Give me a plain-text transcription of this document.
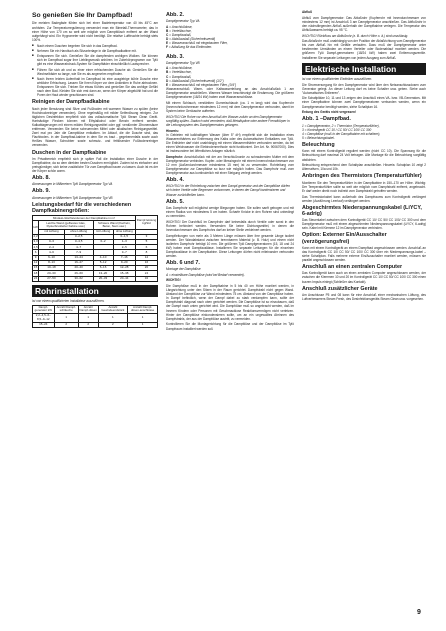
So genießen Sie Ihr Dampfbad!
Die meisten Badegäste fühlen sich bei einer Badetemperatur von 40 bis 45°C am wohlsten. Zur Temperaturregulierung verwendet man ein Bimetall-Thermometer, das in einer Höhe von 170 cm so weit wie möglich vom Dampfdüsch entfernt an der Wand aufgehängt wird. Ein Hygrometer wird nicht benötigt. Die relative Luftfeuchte beträgt stets 100%.
■ Nach einem Duschen begeben Sie sich in das Dampfbad.
■ Nehmen Sie ein Handtuch als Sitzunterlage in die Dampfbadkabine mit.
■ Entspannen Sie sich. Genießen Sie die dampfenden wohligen Wolken. Sie können sich im Dampfbad sogar Ihre Lieblingsmusik anhören. Im Zubehörprogramm von Tylö gibt es eine Wasserabdruck-System für Dampfbäder einschließlich Lautsprecher.
■ Führen Sie sich ab und zu einer einer erfrischenden Dusche ab. Genießen Sie die Wechselbäder so lange, wie Sie es als angenehm empfinden.
■ Nach Ihrem letzten Aufenthalt im Dampfbad ist eine ausgiebige kühle Dusche eine wirkliche Erfrischung. Lassen Sie Ihren Körper vor dem Ankleiden in Ruhe abtrocknen. Entspannen Sie sich. Trinken Sie etwas Kühles und genießen Sie das wohlige Gefühl nach dem Bad. Kleiden Sie sich erst dann an, wenn der Körper abgekühlt hat und die Poren der Haut wieder geschlossen sind.
Reinigen der Dampfbadkabine
Nach jeder Benutzung sind Sitze und Fußboden mit warmem Wasser zu spülen (keine Hochdruckreiniger verwenden). Ohne regelmäßig mit milder Seifenlösung reinigen. Zur täglichen Desinfektion empfiehlt sich das vollautomatische Tylö Steam Clean Gerät. Hartnäckige Flecken können mit Ethylalkohol oder Benzin entfernt werden. Kalkablagerungen mit einem milden Reinigungsmittel oder ggf. verdünnter Zitronensäure entfernen. Verwenden Sie keine scheuernden Mittel oder alkalischen Reinigungsmittel. Zwei mal pro Jahr die Dampfdüse entkalken. Im Ablauf, die die Dusche sind, das Flachboden- in der Dampfbad-kabine in dem Sie es baut - gegebenenfalls sowie auch Heißes Wasser, Schrubber sowie schmutz- und fettlösender Fußbodenreiniger verwenden.
Duschen in der Dampfkabine
Im Privatbereich empfiehlt sich je später Fall die Installation einer Dusche in der Dampfkabine, da so dem direkten besten Duschen ermöglicht. Zudem ist es einfacher und preisgünstiger, sich keine zusätzliche Tür zum Dampfbad bauen zu lassen. Auch ist es der der Körper schön warm.
Abb. 8.
Abmessungen in Millimetern Tylö Dampfgenerator Typ VA
Abb. 9.
Abmessungen in Millimetern Tylö Dampfgenerator Typ VB
Leistungsbedarf für die verschiedenen Dampfkabinengrößen:
Mindest-/Höchstvolumen der Dampfkabine in m³					Dampf-leistung kg/Std
kW	Leichte Wand (gefliestes Glas, Dysterbrustleher Kabine usw.)		Schwere Wand (Kacheln, Beton, Stein usw.)		
	mit Lüftung	ohne Lüftung	mit Lüftung	ohne Lüftung	
2,2		3–2,5		0–1,5	3
3,3	0–3	3–4,5	0–2	1–3	5
4,5	2–4	4–7		2–5	6
6	4–6	7–9		3–7	8
9	6–10	13–24	4–10	7–16	12
12	8–13	16–27	5–12	9–20	16
15	10–18	20–40	6–16	12–28	20
18	20–30	26–60	13–20	15–38	24
24	27–50	30–62	20–33	20–44	32
Rohrinstallation
Ist von einem qualifizierten Installateur auszuführen.
Dampf-generator kW	Anzahl Dampf-schläuche	Anzahl Dampf-düsen	Anzahl Gewindeendstück	Anzahl Dampf-düsen-anschlüsse
2,2–4,5–6–8,5–9–12	1	1	1	1
15–24	2	2	2	1
Abb. 2.
Dampfgenerator Typ VA
A = Anschlußdose,
B = Verteilbuchse,
C = Dampfauslaß,
D = Ablaßauslaß (Sicherheitsventil)
E = Wasseranschluß mit eingebautem Filter,
F = Ablaßung für das Elektroden.
Abb. 3.
Dampfgenerator Typ VB
A = Anschlußdose,
B = Verteilbuchse,
C = Dampfauslaß,
D = Ablaßauslaß (Sicherheitsventil) (1/2")
E = Wasseranschluß mit eingebautem Filter, (3/4")
Wasseranschluß: Warm- oder Kaltwasserleitung an das Anschlußstück 1 am Dampfgenerator anschließen. Warmes Wasser beschleunigt die Erwärmung. Die größeren Dampfgeneratoren (18/24 kW) haben zwei Wasseranschlüsse.
Mit einem Schlauch, verstärkten Gummischlauch (ca. 1 m lang) wird das Kupferrohr (Innenrohrdurchmesser mindestens 12 mm) mit dem Dampfgenerator verbunden, damit im System keine Geräusche auftreten.
WICHTIG! Die Rohre vor dem Anschluß der Wasser-zufuhr an den Dampfgenerator sorgfältig spülen. Dadurch wird vermieden, daß Metallspäne oder andere Fremdkörper in die Leitungssystem des Dampfgenerators gelangen.
Hinweis:
In Gebieten mit kalkhaltigem Wasser (über 5° dH) empfiehlt sich die Installation eines Wasserenthärters zur Entfernung des Kalks oder des Automatischen Entkalkers von Tylö. Die Enthärter darf nicht unabhängig mit einem Wasserenthärter verbunden werden, da bei einem Weichwasser die Elektrodenmethode nicht funktioniert. Der Art. Nr. 90067000). Dies ist insbesondere bei öffentlichen Anlagen nützlich.
Dampfrohr: Anschlußstück mit der am Verschlußnorde zu schraubenden Mutter mit dem Dampfgenerator verbinden. Kupfer- oder Messingrohr mit einem Innenrohrdurchmesser von 12 mm (Außendurchmesser mindestens 15 mm) ist zu verwenden. Rohrleitung vom Dampfgenerator zur Dampfdüse so kurz wie möglich halten. Das Dampfrohr muß vom Dampfgenerator aus kontinuierlich mit einer Steigung verlegt werden.
Abb. 4.
WICHTIG! In der Rohrleitung zwischen dem Dampf-generator und der Dampfdüse dürfen sich keine Ventile oder Begrenzer vorkommen, in denen der Dampf kondensieren und Wasser zurückfließen kann.
Abb. 5.
Das Dampfrohr soll möglichst wenige Biegungen haben. Sie sollen sanft gebogen und mit einem Radius von mindestens 5 cm haben. Scharfe Knicke in den Rohren sind unbedingt zu vermeiden.
WICHTIG! Der Durchfluß im Dampfrohr darf keinesfalls durch Ventile oder sonst in den Rohren behindert werden. Verwenden Sie keine Dichtungsmittel, in denen die Innendurchmesser des Dampfrohrs darf an keiner Stelle verkleinert werden.
Dampfleitungen von mehr als 3 Metern Länge müssen über ihre gesamte Länge isoliert werden. Der Wandabstand zwischen brennbarem Material (z. B. Holz) und einem nicht isolierten Dampfrohr beträgt 10 mm. Die größeren Tylö Dampfgeneratoren (15, 18 und 24 kW) haben zwei Dampfauslässe. Installieren Sie separate Leitungen für die einzelnen Dampfauslässe in der Dampfkabine. Diese Leitungen dürfen nicht miteinander verbunden werden.
Abb. 6 und 7.
Montage der Dampfdüse
A = einstellbare Dampfdüse (wird bei Bedarf verwendet).
WICHTIG!
Die Dampfdüse muß in der Dampfkabine in 5 bis 40 cm Höhe montiert werden, in Längsrichtung unter den Sitzen in der Raum gerichtet. Dampfstrahl nicht gegen Wand. Abstand der Dampfdüse zur Wand mindestens 75 cm. Abstand von der Dampfdüse haben. In Dampf befindlich, wenn der Dampf dabei zu stark verdampfen kann, sollte der Dampfstrahl diagonal nach oben gerichtet werden. Die Dampfdüse ist so einzubauen, daß der Dampf nach unten gerichtet wird. Die Dampfdüse muß so angebracht werden, daß im Inneren Kindern oder Personen mit Geschmacklose Reaktionsvermögen nicht verletzen. Hinter der Dampfdüse einkondensieren sollte, um an ein ungewolltes Abrinnen des Dampfstrahls, der aus der Dampfdüse austritt, zu vermeiden.
Kontrollieren Sie die Montagerichtung für die Dampfdüse und der Dampfdüse im Tylö Dampfraum installiert werden soll.
Abfluß
Abfluß vom Dampfgenerator: Das Ablaßrohr (Kupferrohr mit Innendurchmesser von mindestens 12 mm) ist Anschluß 3 am Dampfgenerator anschließen. Das Abflußrohr in den nächstliegenden Abfluß außerhalb der Dampfkabine verlegen. Die Temperatur des Abflußwassers beträgt ca. 95 °C.
WICHTIG! Rückfluss am Abflußrohr (z. B. durch Höhe o. ä.) sind unzulässig.
Das Ablaßrohr muß unabhängig von der Position der Ablaßrichtung vom Dampfgenerator bis zum Abfluß hin mit Gefälle verlaufen. Dazu muß der Dampfgenerator unter bestimmten Umständen an einem Verteiler oder Bodenablauf montiert werden. Die größeren Tylö Dampf-generatoren (18/24 kW) haben zwei Entleerungsventile. Installieren Sie separate Leitungen von jedem Ausgang zum Abfluß.
Elektrische Installation
Ist von einem qualifizierten Elektriker auszuführen.
Die Stromversorgung für den Dampfgenerator wird über den Netzanschlussdosen zum Generator gelegt. An dieser Leitung darf es keine Schalter usw. geben. Siehe auch "Automatisches Entleeren".
Die Schaltplätze 10, 11 und 13 zeigen den Anschluß eines VA- bzw. VB-Generators. Mit einer Dampfkabine können zwei Dampfgeneratoren verbunden werden, wenn ein Dampfgenerator benötigt werden, siehe Schaltplan 16.
Erdung des Geräts nicht vergessen!
Abb. 1 –Dampfbad.
1 = Dampfgenerator, 2 = Thermistor (Temperaturfühler),
3 = Kontrollgerät CC 10 / CC 50/ CC 100/ CC 300
4 = Dampfdüse (muß in der Dampfkabine mit schaltern),
5 = Beleuchtungskabel.
Beleuchtung
Kann mit einem Kontrollgerät reguliert werden (nicht CC 10). Die Spannung für die Beleuchtung darf maximal 24 Volt betragen. Alle Montage für die Beleuchtung sorgfältig abdichten.
Beleuchtung entsprechend dem Schaltplan anschließen. Hinweis: Schalplan 10 zeigt 2 Alternativen, 10a und 10b.
Anbringen des Thermistors (Temperaturfühler)
Montieren Sie den Temperaturfühler in der Dampfkabine in 150–170 cm Höhe. Wichtig: Der Temperaturfühler sollte so weit wie möglich vom Dampfstrahl entfernt, angebracht. Er darf weder direkt noch indirekt vom Dampfstrahl getroffen werden.
Das Thermistorkabel kann außerhalb des Dampfraums zum Kontrollgerät verlängert werden (Ausführung Leerlauf) verlängert werden.
Abgeschirmtes Niederspannungskabel (LiYCY, 6-adrig)
Das Steuerkabel zwischen dem Kontrollgerät CC 10/ CC 50/ CC 100/ CC 300 und dem Dampfgenerator muß mit einem abgeschirmten Niederspannungskabel (LiYCY, 6-adrig) sein. Kabel mit Klemme 12 im Dampfgenerator verbinden.
Option: Externer Ein/Ausschalter (verzögerungsfrei)
Kann mit einem Kontrollgerät an einem Dampfbad angeschlossen werden. Anschluß an das Kontrollgerät CC 10/ CC 50/ CC 100/ CC 300 über ein Niederspannungs-kabel – siehe Schaltplan. Falls mehrere externe Ein/Ausschalter montiert werden, müssen sie parallel angeschlossen werden.
Anschluß an einen zentralen Computer
Das Kontrollgerät kann auch an einen zentralen Computer angeschlossen werden, der zwischen die Klemmen 10 und 20 im Kontrollgerät CC 10/ CC 50/ CC 100/ CC 300 einen kurzen Impuls einlegt (Schließer das Kontakt).
Anschluß zusätzlicher Geräte
Am Anschlusse P5 und 08 kann für eine Anschluß einer mechanischen Lüftung, des Luftverbesserers Steam Fresh, des Desinfektionsgeräts Steam Clean usw. vorgesehen.
9
